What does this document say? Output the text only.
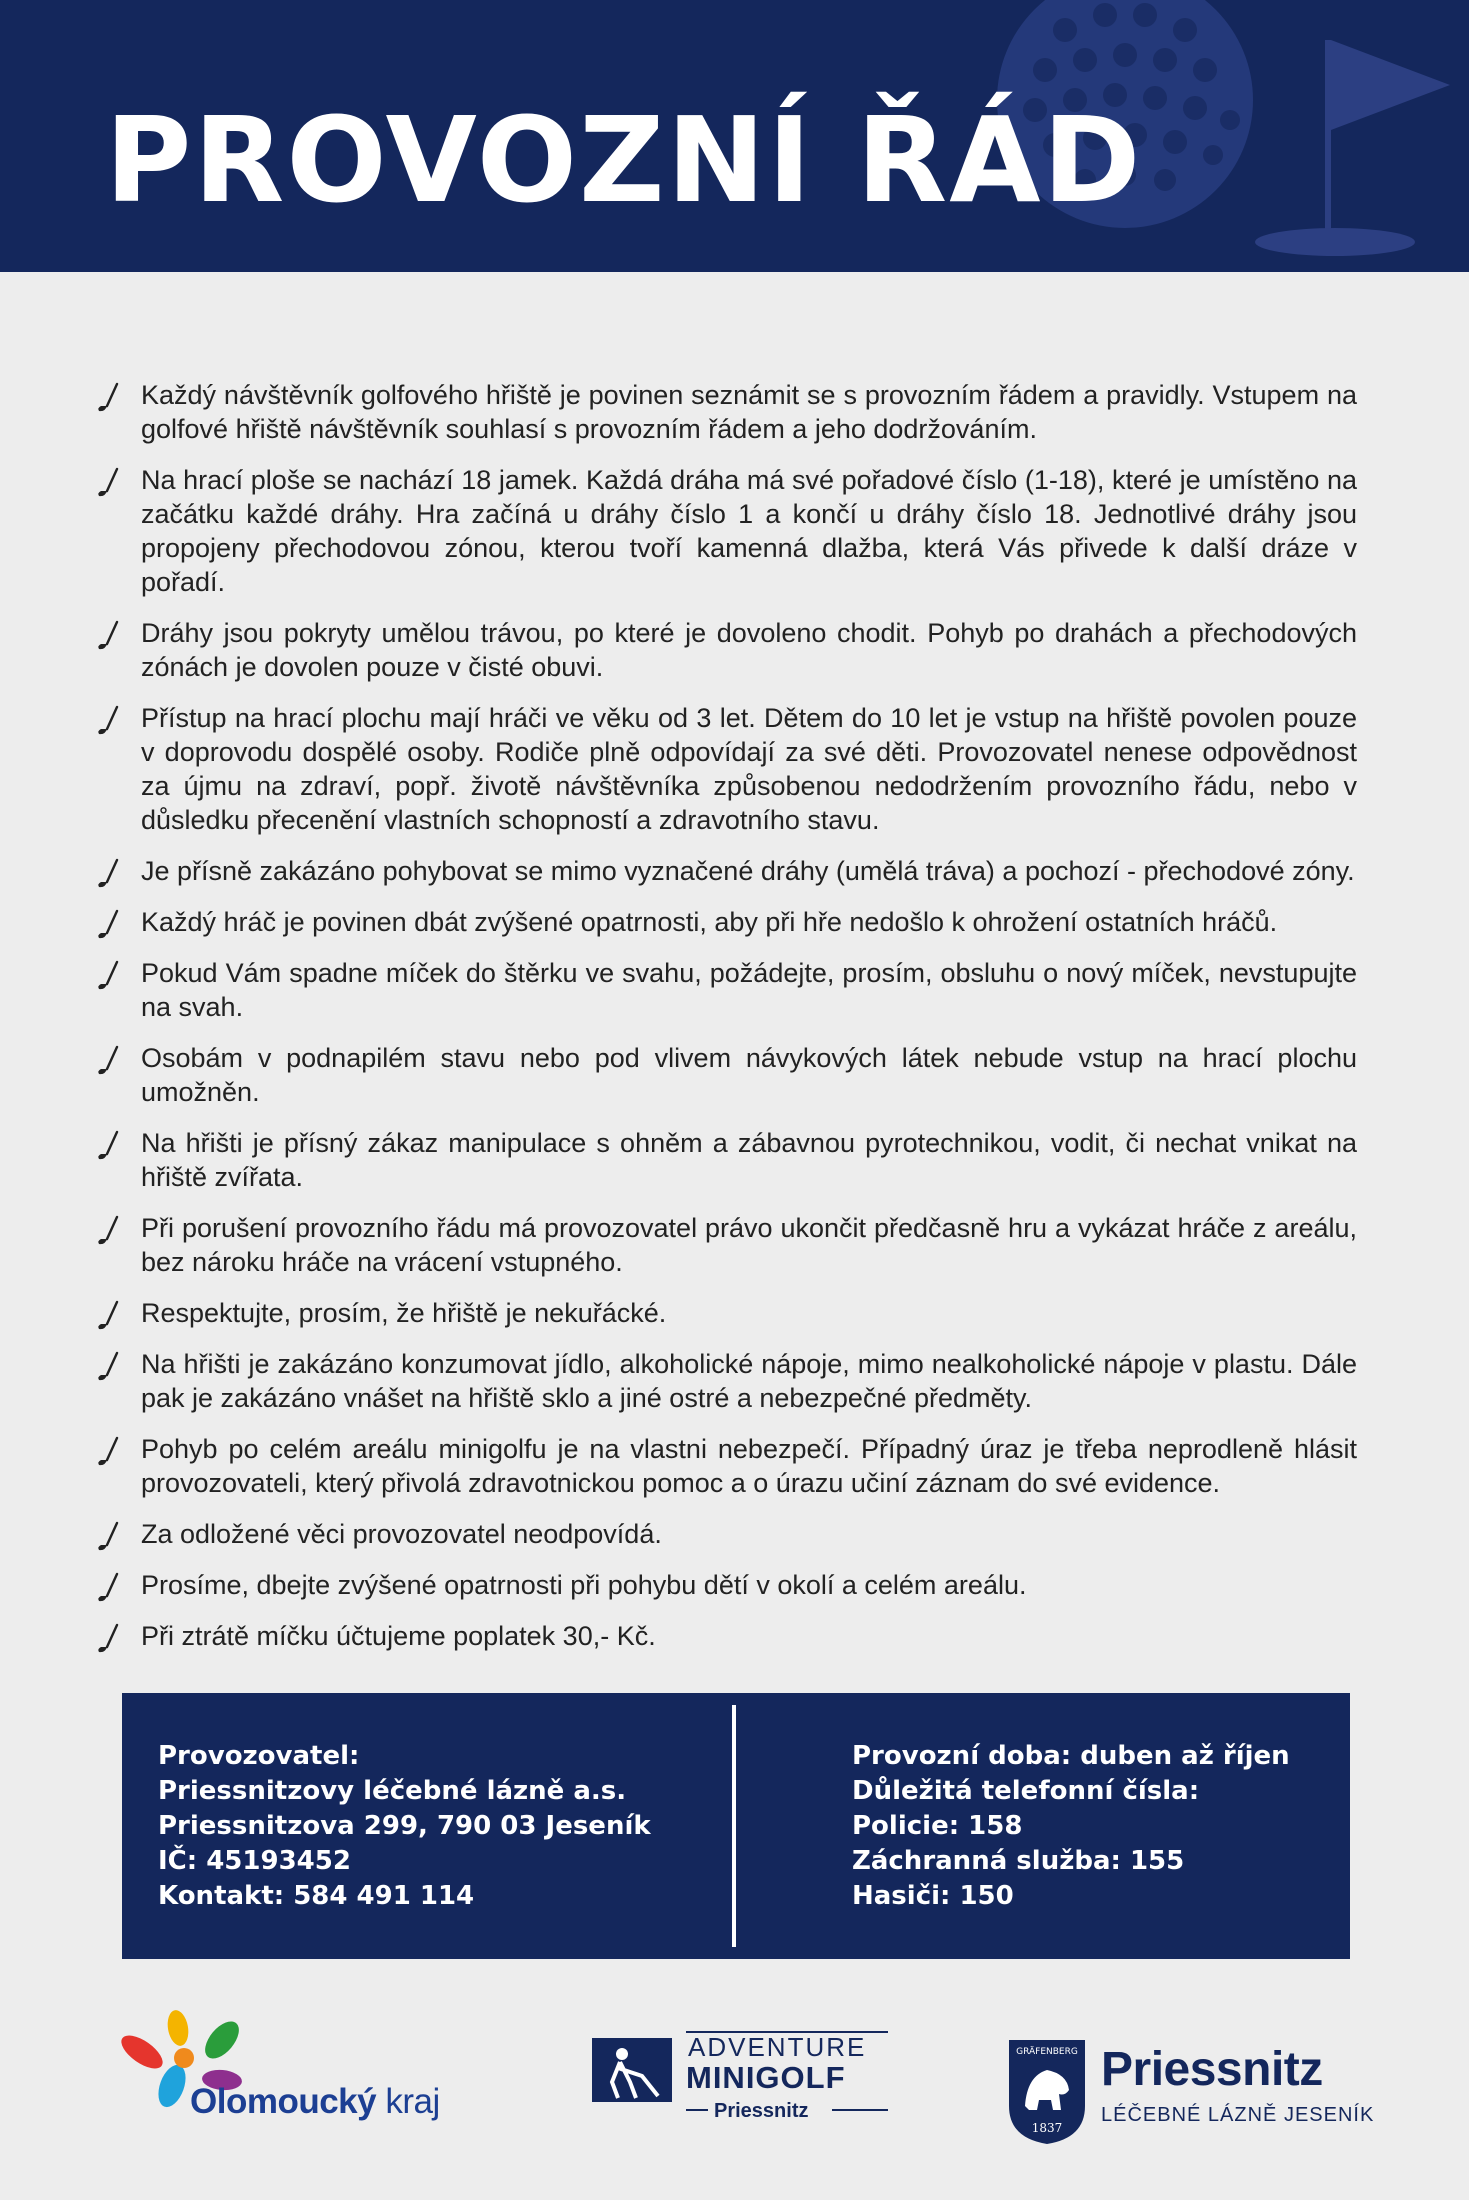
PROVOZNÍ ŘÁD
Každý návštěvník golfového hřiště je povinen seznámit se s provozním řádem a pravidly. Vstupem na golfové hřiště návštěvník souhlasí s provozním řádem a jeho dodržováním.
Na hrací ploše se nachází 18 jamek. Každá dráha má své pořadové číslo (1-18), které je umístěno na začátku každé dráhy. Hra začíná u dráhy číslo 1 a končí u dráhy číslo 18. Jednotlivé dráhy jsou propojeny přechodovou zónou, kterou tvoří kamenná dlažba, která Vás přivede k další dráze v pořadí.
Dráhy jsou pokryty umělou trávou, po které je dovoleno chodit. Pohyb po drahách a přechodových zónách je dovolen pouze v čisté obuvi.
Přístup na hrací plochu mají hráči ve věku od 3 let. Dětem do 10 let je vstup na hřiště povolen pouze v doprovodu dospělé osoby. Rodiče plně odpovídají za své děti. Provozovatel nenese odpovědnost za újmu na zdraví, popř. životě návštěvníka způsobenou nedodržením provozního řádu, nebo v důsledku přecenění vlastních schopností a zdravotního stavu.
Je přísně zakázáno pohybovat se mimo vyznačené dráhy (umělá tráva) a pochozí - přechodové zóny.
Každý hráč je povinen dbát zvýšené opatrnosti, aby při hře nedošlo k ohrožení ostatních hráčů.
Pokud Vám spadne míček do štěrku ve svahu, požádejte, prosím, obsluhu o nový míček, nevstupujte na svah.
Osobám v podnapilém stavu nebo pod vlivem návykových látek nebude vstup na hrací plochu umožněn.
Na hřišti je přísný zákaz manipulace s ohněm a zábavnou pyrotechnikou, vodit, či nechat vnikat na hřiště zvířata.
Při porušení provozního řádu má provozovatel právo ukončit předčasně hru a vykázat hráče z areálu, bez nároku hráče na vrácení vstupného.
Respektujte, prosím, že hřiště je nekuřácké.
Na hřišti je zakázáno konzumovat jídlo, alkoholické nápoje, mimo nealkoholické nápoje v plastu. Dále pak je zakázáno vnášet na hřiště sklo a jiné ostré a nebezpečné předměty.
Pohyb po celém areálu minigolfu je na vlastni nebezpečí. Případný úraz je třeba neprodleně hlásit provozovateli, který přivolá zdravotnickou pomoc a o úrazu učiní záznam do své evidence.
Za odložené věci provozovatel neodpovídá.
Prosíme, dbejte zvýšené opatrnosti při pohybu dětí v okolí a celém areálu.
Při ztrátě míčku účtujeme poplatek 30,- Kč.
Provozovatel:
Priessnitzovy léčebné lázně a.s.
Priessnitzova 299, 790 03 Jeseník
IČ: 45193452
Kontakt: 584 491 114
Provozní doba: duben až říjen
Důležitá telefonní čísla:
Policie: 158
Záchranná služba: 155
Hasiči: 150
Olomoucký kraj
ADVENTURE
MINIGOLF
Priessnitz
GRÄFENBERG
1837
Priessnitz
LÉČEBNÉ LÁZNĚ JESENÍK
